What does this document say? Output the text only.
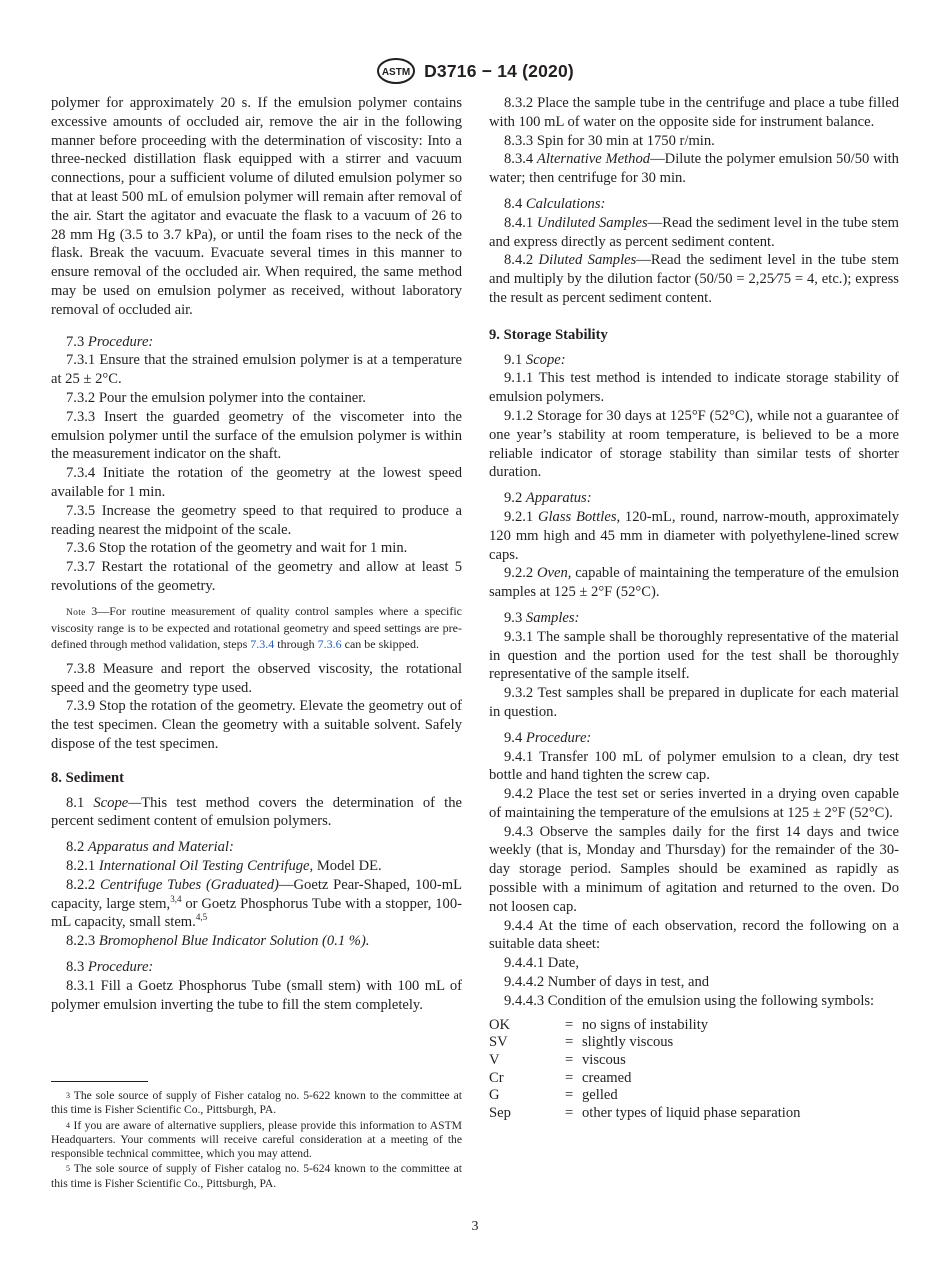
ASTM D3716 − 14 (2020)

polymer for approximately 20 s. If the emulsion polymer contains excessive amounts of occluded air, remove the air in the following manner before proceeding with the determination of viscosity: Into a three-necked distillation flask equipped with a stirrer and vacuum connections, pour a sufficient volume of diluted emulsion polymer so that at least 500 mL of emulsion polymer will remain after removal of the air. Start the agitator and evacuate the flask to a vacuum of 26 to 28 mm Hg (3.5 to 3.7 kPa), or until the foam rises to the neck of the flask. Break the vacuum. Evacuate several times in this manner to ensure removal of the occluded air. When required, the same method may be used on emulsion polymer as received, without laboratory removal of occluded air.

7.3 Procedure:

7.3.1 Ensure that the strained emulsion polymer is at a temperature at 25 ± 2°C.

7.3.2 Pour the emulsion polymer into the container.

7.3.3 Insert the guarded geometry of the viscometer into the emulsion polymer until the surface of the emulsion polymer is within the measurement indicator on the shaft.

7.3.4 Initiate the rotation of the geometry at the lowest speed available for 1 min.

7.3.5 Increase the geometry speed to that required to produce a reading nearest the midpoint of the scale.

7.3.6 Stop the rotation of the geometry and wait for 1 min.

7.3.7 Restart the rotational of the geometry and allow at least 5 revolutions of the geometry.

Note 3—For routine measurement of quality control samples where a specific viscosity range is to be expected and rotational geometry and speed settings are pre-defined through method validation, steps 7.3.4 through 7.3.6 can be skipped.

7.3.8 Measure and report the observed viscosity, the rotational speed and the geometry type used.

7.3.9 Stop the rotation of the geometry. Elevate the geometry out of the test specimen. Clean the geometry with a suitable solvent. Safely dispose of the test specimen.

8. Sediment

8.1 Scope—This test method covers the determination of the percent sediment content of emulsion polymers.

8.2 Apparatus and Material:

8.2.1 International Oil Testing Centrifuge, Model DE.

8.2.2 Centrifuge Tubes (Graduated)—Goetz Pear-Shaped, 100-mL capacity, large stem,$^{3,4}$ or Goetz Phosphorus Tube with a stopper, 100-mL capacity, small stem.$^{4,5}$

8.2.3 Bromophenol Blue Indicator Solution (0.1 %).

8.3 Procedure:

8.3.1 Fill a Goetz Phosphorus Tube (small stem) with 100 mL of polymer emulsion inverting the tube to fill the stem completely.

$^3$ The sole source of supply of Fisher catalog no. 5-622 known to the committee at this time is Fisher Scientific Co., Pittsburgh, PA.

$^4$ If you are aware of alternative suppliers, please provide this information to ASTM Headquarters. Your comments will receive careful consideration at a meeting of the responsible technical committee, which you may attend.

$^5$ The sole source of supply of Fisher catalog no. 5-624 known to the committee at this time is Fisher Scientific Co., Pittsburgh, PA.

8.3.2 Place the sample tube in the centrifuge and place a tube filled with 100 mL of water on the opposite side for instrument balance.

8.3.3 Spin for 30 min at 1750 r/min.

8.3.4 Alternative Method—Dilute the polymer emulsion 50/50 with water; then centrifuge for 30 min.

8.4 Calculations:

8.4.1 Undiluted Samples—Read the sediment level in the tube stem and express directly as percent sediment content.

8.4.2 Diluted Samples—Read the sediment level in the tube stem and multiply by the dilution factor (50/50 = 2,25⁄75 = 4, etc.); express the result as percent sediment content.

9. Storage Stability

9.1 Scope:

9.1.1 This test method is intended to indicate storage stability of emulsion polymers.

9.1.2 Storage for 30 days at 125°F (52°C), while not a guarantee of one year’s stability at room temperature, is believed to be a more reliable indicator of storage stability than similar tests of shorter duration.

9.2 Apparatus:

9.2.1 Glass Bottles, 120-mL, round, narrow-mouth, approximately 120 mm high and 45 mm in diameter with polyethylene-lined screw caps.

9.2.2 Oven, capable of maintaining the temperature of the emulsion samples at 125 ± 2°F (52°C).

9.3 Samples:

9.3.1 The sample shall be thoroughly representative of the material in question and the portion used for the test shall be thoroughly representative of the sample itself.

9.3.2 Test samples shall be prepared in duplicate for each material in question.

9.4 Procedure:

9.4.1 Transfer 100 mL of polymer emulsion to a clean, dry test bottle and hand tighten the screw cap.

9.4.2 Place the test set or series inverted in a drying oven capable of maintaining the temperature of the emulsions at 125 ± 2°F (52°C).

9.4.3 Observe the samples daily for the first 14 days and twice weekly (that is, Monday and Thursday) for the remainder of the 30-day storage period. Samples should be examined as rapidly as possible with a minimum of agitation and returned to the oven. Do not loosen cap.

9.4.4 At the time of each observation, record the following on a suitable data sheet:

9.4.4.1 Date,

9.4.4.2 Number of days in test, and

9.4.4.3 Condition of the emulsion using the following symbols:

OK	=	no signs of instability
SV	=	slightly viscous
V	=	viscous
Cr	=	creamed
G	=	gelled
Sep	=	other types of liquid phase separation
3
